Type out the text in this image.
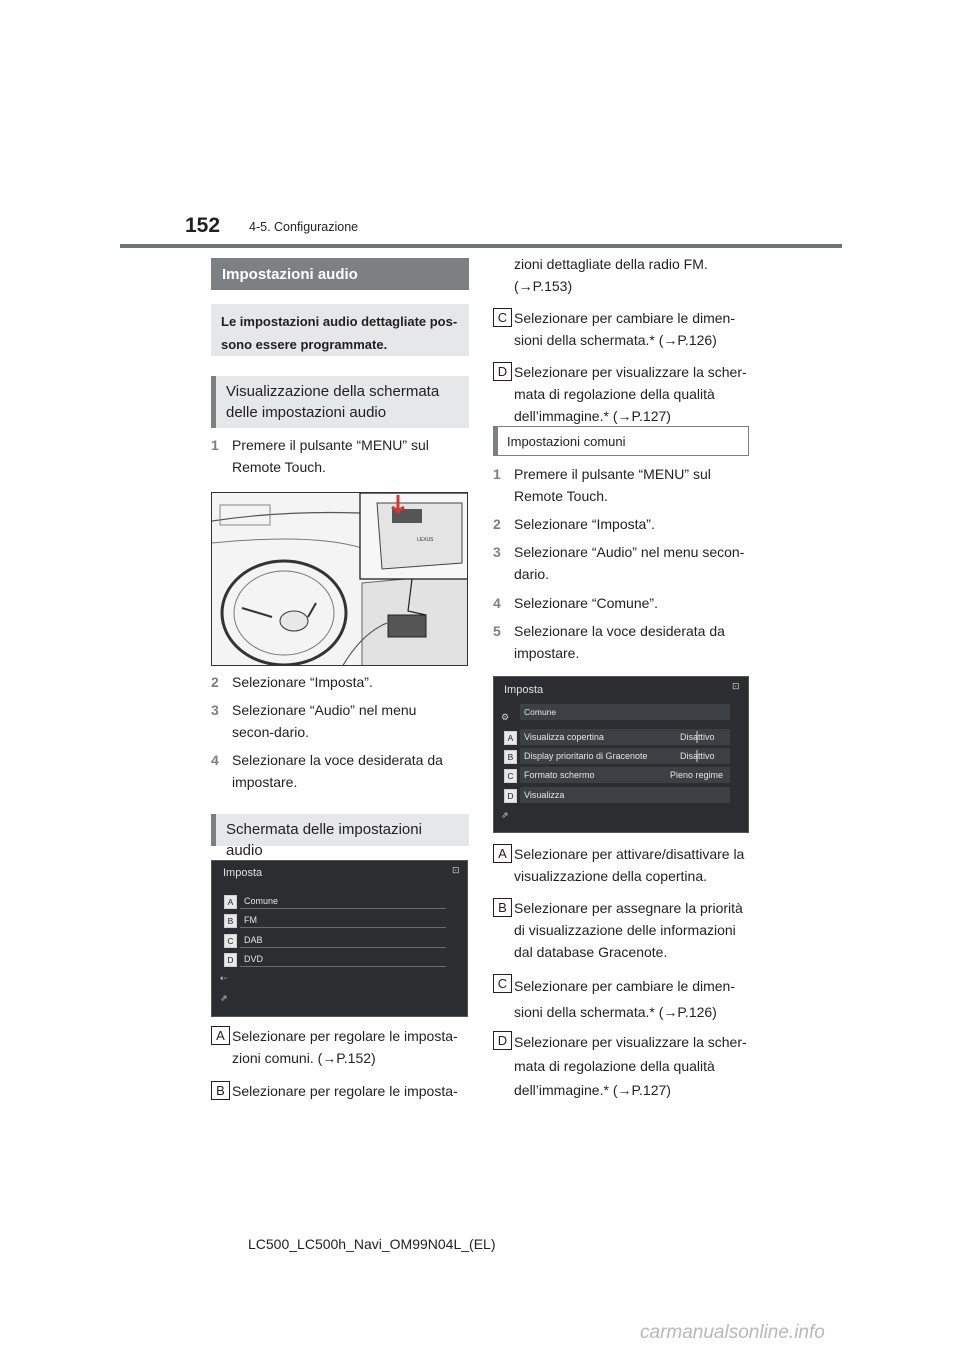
152 4-5. Configurazione
Impostazioni audio
Le impostazioni audio dettagliate pos-sono essere programmate.
Visualizzazione della schermata delle impostazioni audio
1 Premere il pulsante “MENU” sul Remote Touch.
LEXUS
2 Selezionare “Imposta”.
3 Selezionare “Audio” nel menu secon-dario.
4 Selezionare la voce desiderata da impostare.
Schermata delle impostazioni audio
Imposta	⊡
A
B
C
D
Comune
FM
DAB
DVD
⇠
⇗
A Selezionare per regolare le imposta-zioni comuni. (→P.152)
B Selezionare per regolare le imposta-
zioni dettagliate della radio FM. (→P.153)
C Selezionare per cambiare le dimen-sioni della schermata.* (→P.126)
D Selezionare per visualizzare la scher-mata di regolazione della qualità dell’immagine.* (→P.127)
Impostazioni comuni
1 Premere il pulsante “MENU” sul Remote Touch.
2 Selezionare “Imposta”.
3 Selezionare “Audio” nel menu secon-dario.
4 Selezionare “Comune”.
5 Selezionare la voce desiderata da impostare.
Imposta	⊡
⚙	Comune
A
B
C
D
Visualizza copertina	Disattivo
Display prioritario di Gracenote	Disattivo
Formato schermo	Pieno regime
Visualizza
⇗
A Selezionare per attivare/disattivare la visualizzazione della copertina.
B Selezionare per assegnare la priorità di visualizzazione delle informazioni dal database Gracenote.
C Selezionare per cambiare le dimen-sioni della schermata.* (→P.126)
D Selezionare per visualizzare la scher-mata di regolazione della qualità dell’immagine.* (→P.127)
LC500_LC500h_Navi_OM99N04L_(EL)
carmanualsonline.info
